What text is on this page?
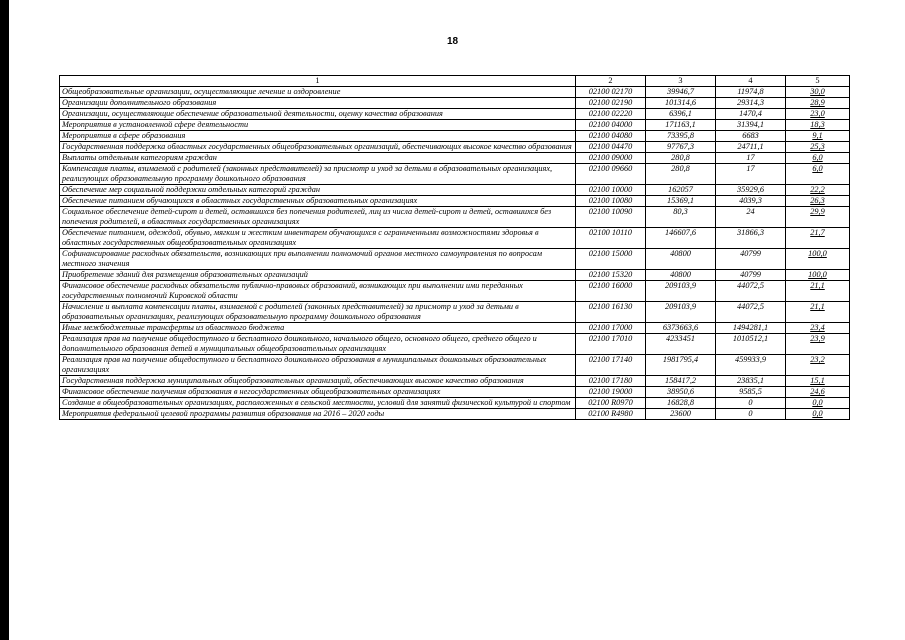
18
1	2	3	4	5
Общеобразовательные организации, осуществляющие лечение и оздоровление	02100 02170	39946,7	11974,8	30,0
Организации дополнительного образования	02100 02190	101314,6	29314,3	28,9
Организации, осуществляющие обеспечение образовательной деятельности, оценку качества образования	02100 02220	6396,1	1470,4	23,0
Мероприятия в установленной сфере деятельности	02100 04000	171163,1	31394,1	18,3
Мероприятия в сфере образования	02100 04080	73395,8	6683	9,1
Государственная поддержка областных государственных общеобразовательных организаций, обеспечивающих высокое качество образования	02100 04470	97767,3	24711,1	25,3
Выплаты отдельным категориям граждан	02100 09000	280,8	17	6,0
Компенсация платы, взимаемой с родителей (законных представителей) за присмотр и уход за детьми в образовательных организациях, реализующих образовательную программу дошкольного образования	02100 09660	280,8	17	6,0
Обеспечение мер социальной поддержки отдельных категорий граждан	02100 10000	162057	35929,6	22,2
Обеспечение питанием обучающихся в областных государственных образовательных организациях	02100 10080	15369,1	4039,3	26,3
Социальное обеспечение детей-сирот и детей, оставшихся без попечения родителей, лиц из числа детей-сирот и детей, оставшихся без попечения родителей, в областных государственных организациях	02100 10090	80,3	24	29,9
Обеспечение питанием, одеждой, обувью, мягким и жестким инвентарем обучающихся с ограниченными возможностями здоровья в областных государственных общеобразовательных организациях	02100 10110	146607,6	31866,3	21,7
Софинансирование расходных обязательств, возникающих при выполнении полномочий органов местного самоуправления по вопросам местного значения	02100 15000	40800	40799	100,0
Приобретение зданий для размещения образовательных организаций	02100 15320	40800	40799	100,0
Финансовое обеспечение расходных обязательств публично-правовых образований, возникающих при выполнении ими переданных государственных полномочий Кировской области	02100 16000	209103,9	44072,5	21,1
Начисление и выплата компенсации платы, взимаемой с родителей (законных представителей) за присмотр и уход за детьми в образовательных организациях, реализующих образовательную программу дошкольного образования	02100 16130	209103,9	44072,5	21,1
Иные межбюджетные трансферты из областного бюджета	02100 17000	6373663,6	1494281,1	23,4
Реализация прав на получение общедоступного и бесплатного дошкольного, начального общего, основного общего, среднего общего и дополнительного образования детей в муниципальных общеобразовательных организациях	02100 17010	4233451	1010512,1	23,9
Реализация прав на получение общедоступного и бесплатного дошкольного образования в муниципальных дошкольных образовательных организациях	02100 17140	1981795,4	459933,9	23,2
Государственная поддержка муниципальных общеобразовательных организаций, обеспечивающих высокое качество образования	02100 17180	158417,2	23835,1	15,1
Финансовое обеспечение получения образования в негосударственных общеобразовательных организациях	02100 19000	38950,6	9585,5	24,6
Создание в общеобразовательных организациях, расположенных в сельской местности, условий для занятий физической культурой и спортом	02100 R0970	16828,8	0	0,0
Мероприятия федеральной целевой программы развития образования на 2016 – 2020 годы	02100 R4980	23600	0	0,0
